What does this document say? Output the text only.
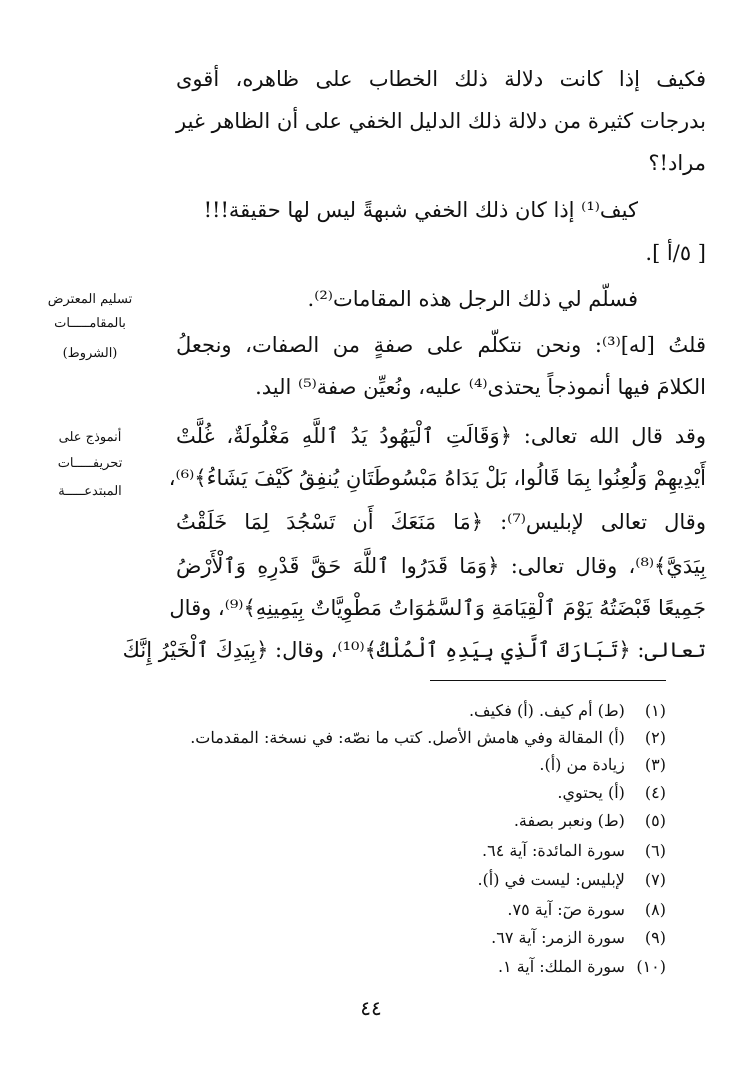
فكيف إذا كانت دلالة ذلك الخطاب على ظاهره، أقوى
بدرجات كثيرة من دلالة ذلك الدليل الخفي على أن الظاهر غير
مراد!؟
كيف⁽¹⁾ إذا كان ذلك الخفي شبهةً ليس لها حقيقة!!!
[ ٥/أ ].
فسلّم لي ذلك الرجل هذه المقامات⁽²⁾.
قلتُ [له]⁽³⁾: ونحن نتكلّم على صفةٍ من الصفات، ونجعلُ
الكلامَ فيها أنموذجاً يحتذى⁽⁴⁾ عليه، ونُعيِّن صفة⁽⁵⁾ اليد.
وقد قال الله تعالى: ﴿وَقَالَتِ ٱلْيَهُودُ يَدُ ٱللَّهِ مَغْلُولَةٌ، غُلَّتْ
أَيْدِيهِمْ وَلُعِنُوا بِمَا قَالُوا، بَلْ يَدَاهُ مَبْسُوطَتَانِ يُنفِقُ كَيْفَ يَشَاءُ﴾⁽⁶⁾،
وقال تعالى لإبليس⁽⁷⁾: ﴿مَا مَنَعَكَ أَن تَسْجُدَ لِمَا خَلَقْتُ
بِيَدَيَّ﴾⁽⁸⁾، وقال تعالى: ﴿وَمَا قَدَرُوا ٱللَّهَ حَقَّ قَدْرِهِ وَٱلْأَرْضُ
جَمِيعًا قَبْضَتُهُ يَوْمَ ٱلْقِيَامَةِ وَٱلسَّمَٰوَاتُ مَطْوِيَّاتٌ بِيَمِينِهِ﴾⁽⁹⁾، وقال
تعالى: ﴿تَبَارَكَ ٱلَّذِي بِيَدِهِ ٱلْمُلْكُ﴾⁽¹⁰⁾، وقال: ﴿بِيَدِكَ ٱلْخَيْرُ إِنَّكَ
تسليم المعترض
بالمقامـــــات
(الشروط)
أنموذج على
تحريفـــــات
المبتدعـــــة
(١) (ط) أم كيف. (أ) فكيف.
(٢) (أ) المقالة وفي هامش الأصل. كتب ما نصّه: في نسخة: المقدمات.
(٣) زيادة من (أ).
(٤) (أ) يحتوي.
(٥) (ط) ونعبر بصفة.
(٦) سورة المائدة: آية ٦٤.
(٧) لإبليس: ليست في (أ).
(٨) سورة صٓ: آية ٧٥.
(٩) سورة الزمر: آية ٦٧.
(١٠) سورة الملك: آية ١.
٤٤
